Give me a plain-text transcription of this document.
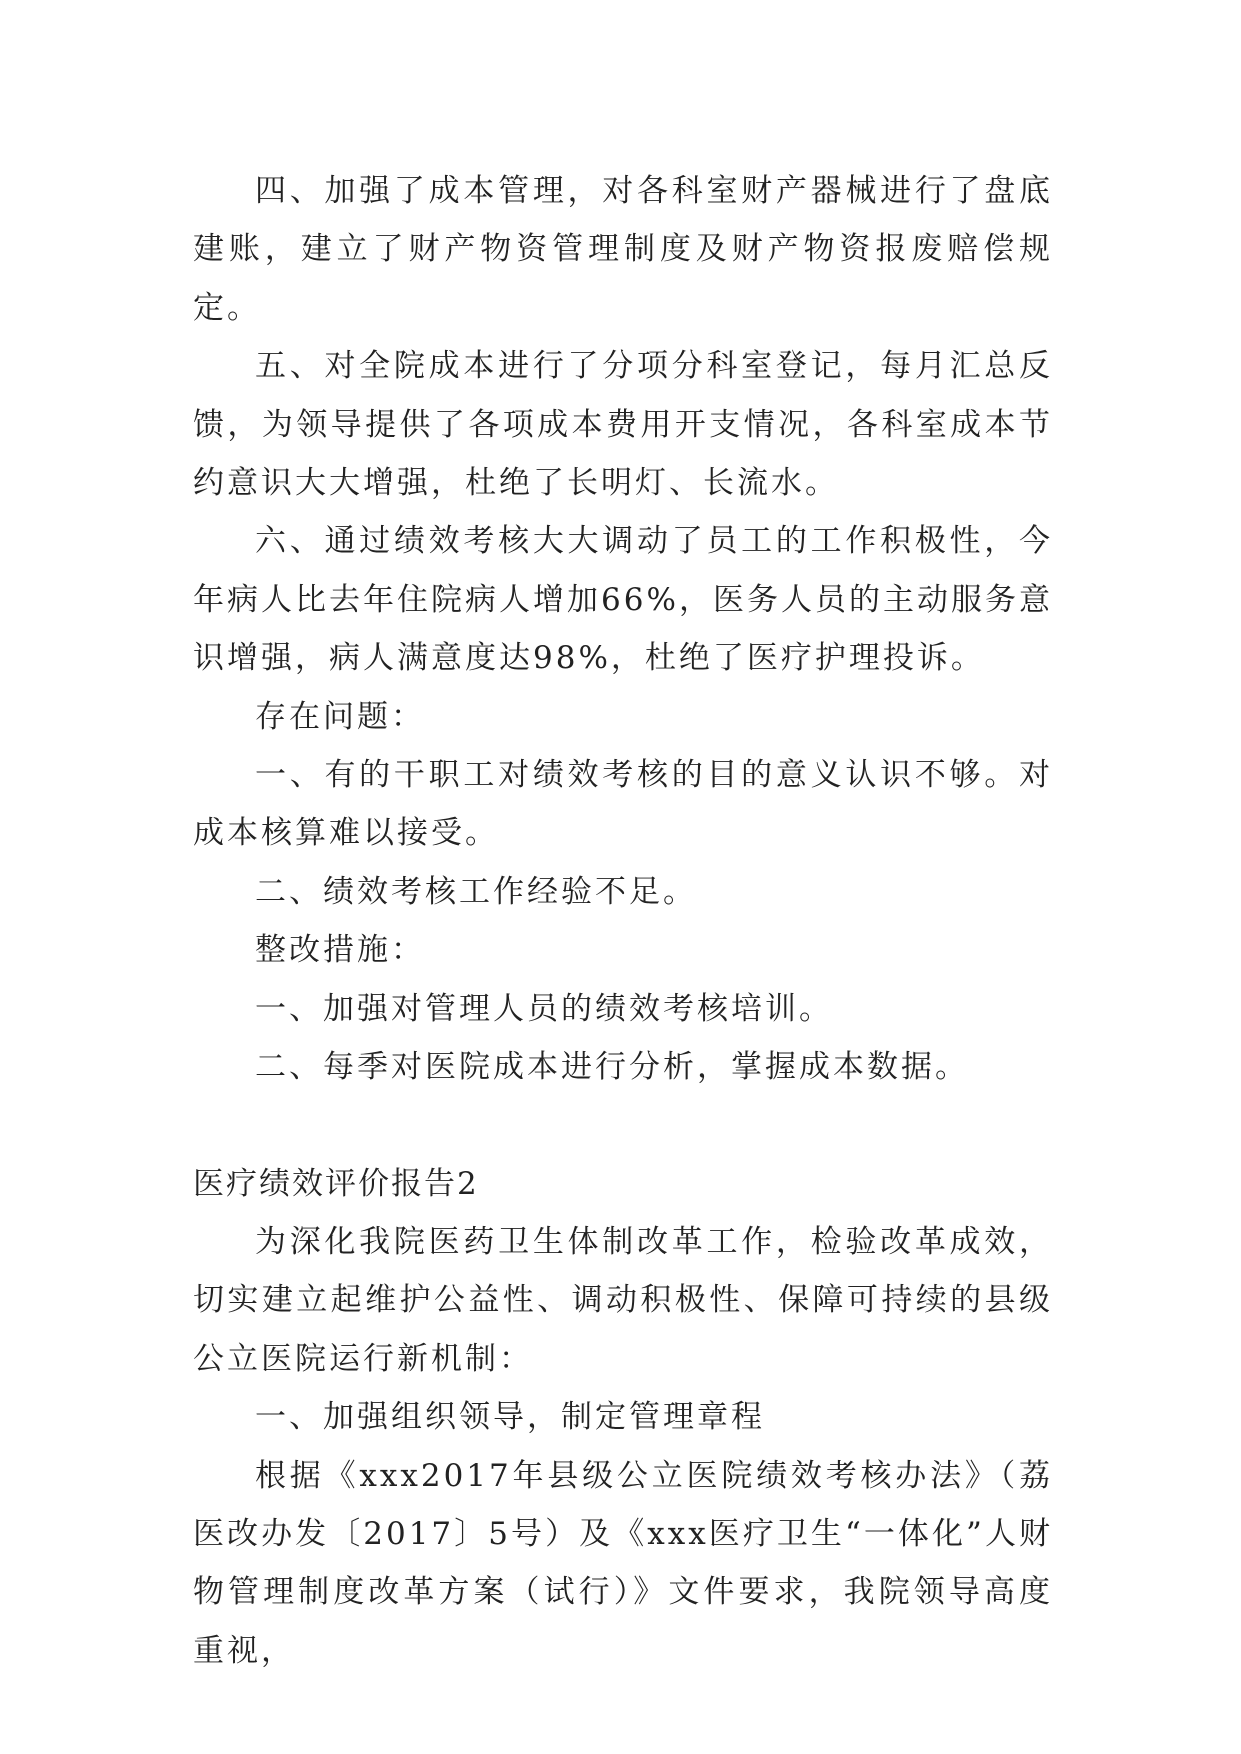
四、加强了成本管理，对各科室财产器械进行了盘底建账，建立了财产物资管理制度及财产物资报废赔偿规定。

五、对全院成本进行了分项分科室登记，每月汇总反馈，为领导提供了各项成本费用开支情况，各科室成本节约意识大大增强，杜绝了长明灯、长流水。

六、通过绩效考核大大调动了员工的工作积极性，今年病人比去年住院病人增加66%，医务人员的主动服务意识增强，病人满意度达98%，杜绝了医疗护理投诉。

存在问题：

一、有的干职工对绩效考核的目的意义认识不够。对成本核算难以接受。

二、绩效考核工作经验不足。

整改措施：

一、加强对管理人员的绩效考核培训。

二、每季对医院成本进行分析，掌握成本数据。

医疗绩效评价报告2

为深化我院医药卫生体制改革工作，检验改革成效，切实建立起维护公益性、调动积极性、保障可持续的县级公立医院运行新机制：

一、加强组织领导，制定管理章程

根据《xxx2017年县级公立医院绩效考核办法》（荔医改办发〔2017〕5号）及《xxx医疗卫生“一体化”人财物管理制度改革方案（试行）》文件要求，我院领导高度重视，
